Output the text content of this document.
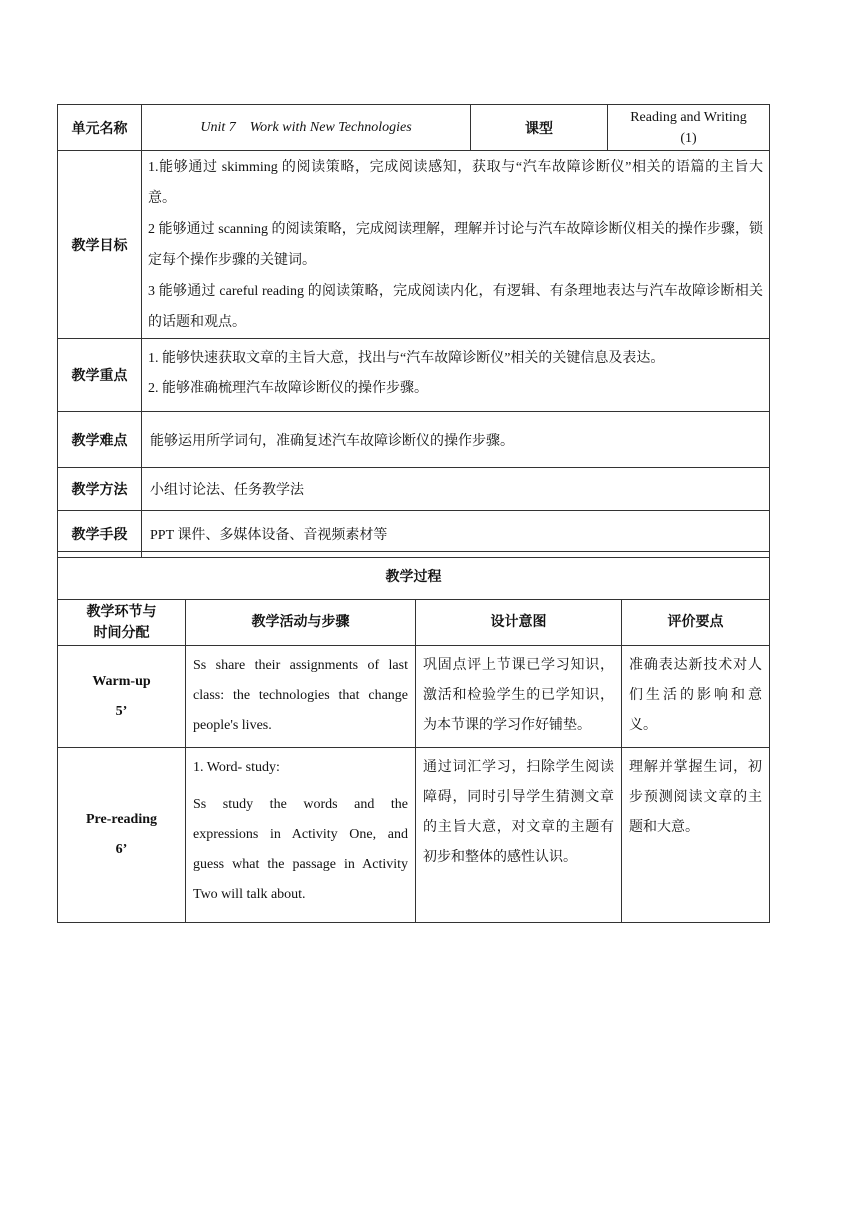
单元名称	Unit 7    Work with New Technologies	课型	Reading and Writing
(1)

教学目标	1.能够通过 skimming 的阅读策略，完成阅读感知，获取与“汽车故障诊断仪”相关的语篇的主旨大意。
2 能够通过 scanning 的阅读策略，完成阅读理解，理解并讨论与汽车故障诊断仪相关的操作步骤，锁定每个操作步骤的关键词。
3 能够通过 careful reading 的阅读策略，完成阅读内化，有逻辑、有条理地表达与汽车故障诊断相关的话题和观点。		

教学重点	1. 能够快速获取文章的主旨大意，找出与“汽车故障诊断仪”相关的关键信息及表达。
2. 能够准确梳理汽车故障诊断仪的操作步骤。		

教学难点	能够运用所学词句，准确复述汽车故障诊断仪的操作步骤。		
教学方法	小组讨论法、任务教学法		
教学手段	PPT 课件、多媒体设备、音视频素材等		
教学过程			

教学环节与
时间分配	教学活动与步骤	设计意图	评价要点

Warm-up
5’	Ss share their assignments of last class: the technologies that change people's lives.	巩固点评上节课已学习知识，激活和检验学生的已学知识，为本节课的学习作好铺垫。	准确表达新技术对人们生活的影响和意义。

Pre-reading
6’	1. Word- study:
Ss study the words and the expressions in Activity One, and guess what the passage in Activity Two will talk about.	通过词汇学习，扫除学生阅读障碍，同时引导学生猜测文章的主旨大意，对文章的主题有初步和整体的感性认识。	理解并掌握生词，初步预测阅读文章的主题和大意。
